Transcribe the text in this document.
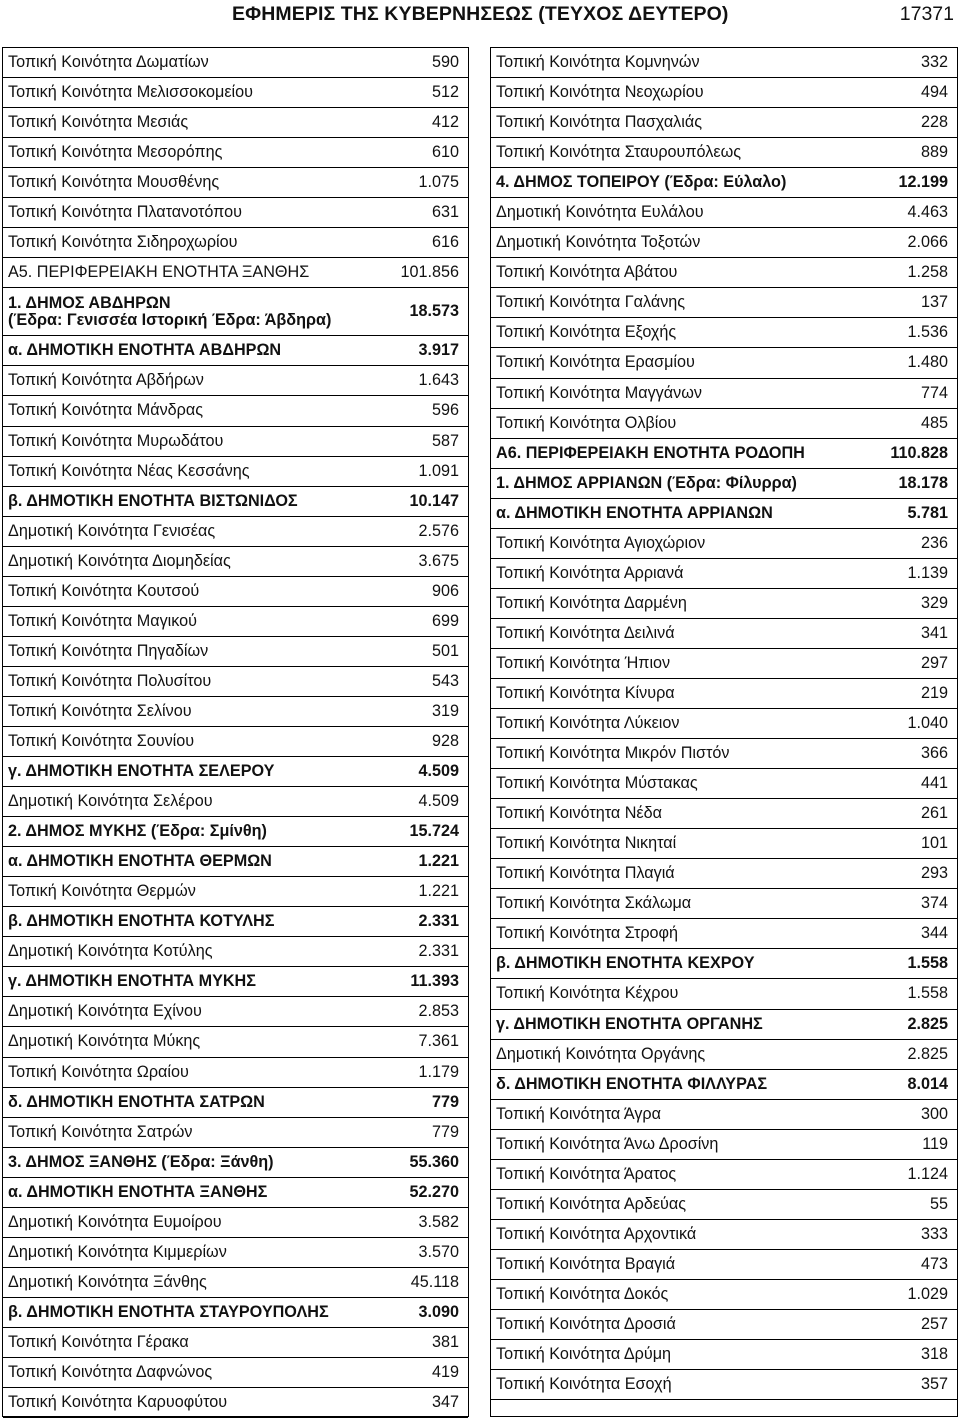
ΕΦΗΜΕΡΙΣ ΤΗΣ ΚΥΒΕΡΝΗΣΕΩΣ (ΤΕΥΧΟΣ ΔΕΥΤΕΡΟ)	17371
Τοπική Κοινότητα Δωματίων	590
Τοπική Κοινότητα Μελισσοκομείου	512
Τοπική Κοινότητα Μεσιάς	412
Τοπική Κοινότητα Μεσορόπης	610
Τοπική Κοινότητα Μουσθένης	1.075
Τοπική Κοινότητα Πλατανοτόπου	631
Τοπική Κοινότητα Σιδηροχωρίου	616
Α5. ΠΕΡΙΦΕΡΕΙΑΚΗ ΕΝΟΤΗΤΑ ΞΑΝΘΗΣ	101.856
1. ΔΗΜΟΣ ΑΒΔΗΡΩΝ
(Έδρα: Γενισσέα Ιστορική Έδρα: Άβδηρα)	18.573
α. ΔΗΜΟΤΙΚΗ ΕΝΟΤΗΤΑ ΑΒΔΗΡΩΝ	3.917
Τοπική Κοινότητα Αβδήρων	1.643
Τοπική Κοινότητα Μάνδρας	596
Τοπική Κοινότητα Μυρωδάτου	587
Τοπική Κοινότητα Νέας Κεσσάνης	1.091
β. ΔΗΜΟΤΙΚΗ ΕΝΟΤΗΤΑ ΒΙΣΤΩΝΙΔΟΣ	10.147
Δημοτική Κοινότητα Γενισέας	2.576
Δημοτική Κοινότητα Διομηδείας	3.675
Τοπική Κοινότητα Κουτσού	906
Τοπική Κοινότητα Μαγικού	699
Τοπική Κοινότητα Πηγαδίων	501
Τοπική Κοινότητα Πολυσίτου	543
Τοπική Κοινότητα Σελίνου	319
Τοπική Κοινότητα Σουνίου	928
γ. ΔΗΜΟΤΙΚΗ ΕΝΟΤΗΤΑ ΣΕΛΕΡΟΥ	4.509
Δημοτική Κοινότητα Σελέρου	4.509
2. ΔΗΜΟΣ ΜΥΚΗΣ (Έδρα: Σμίνθη)	15.724
α. ΔΗΜΟΤΙΚΗ ΕΝΟΤΗΤΑ ΘΕΡΜΩΝ	1.221
Τοπική Κοινότητα Θερμών	1.221
β. ΔΗΜΟΤΙΚΗ ΕΝΟΤΗΤΑ ΚΟΤΥΛΗΣ	2.331
Δημοτική Κοινότητα Κοτύλης	2.331
γ. ΔΗΜΟΤΙΚΗ ΕΝΟΤΗΤΑ ΜΥΚΗΣ	11.393
Δημοτική Κοινότητα Εχίνου	2.853
Δημοτική Κοινότητα Μύκης	7.361
Τοπική Κοινότητα Ωραίου	1.179
δ. ΔΗΜΟΤΙΚΗ ΕΝΟΤΗΤΑ ΣΑΤΡΩΝ	779
Τοπική Κοινότητα Σατρών	779
3. ΔΗΜΟΣ ΞΑΝΘΗΣ (Έδρα: Ξάνθη)	55.360
α. ΔΗΜΟΤΙΚΗ ΕΝΟΤΗΤΑ ΞΑΝΘΗΣ	52.270
Δημοτική Κοινότητα Ευμοίρου	3.582
Δημοτική Κοινότητα Κιμμερίων	3.570
Δημοτική Κοινότητα Ξάνθης	45.118
β. ΔΗΜΟΤΙΚΗ ΕΝΟΤΗΤΑ ΣΤΑΥΡΟΥΠΟΛΗΣ	3.090
Τοπική Κοινότητα Γέρακα	381
Τοπική Κοινότητα Δαφνώνος	419
Τοπική Κοινότητα Καρυοφύτου	347
Τοπική Κοινότητα Κομνηνών	332
Τοπική Κοινότητα Νεοχωρίου	494
Τοπική Κοινότητα Πασχαλιάς	228
Τοπική Κοινότητα Σταυρουπόλεως	889
4. ΔΗΜΟΣ ΤΟΠΕΙΡΟΥ (Έδρα: Εύλαλο)	12.199
Δημοτική Κοινότητα Ευλάλου	4.463
Δημοτική Κοινότητα Τοξοτών	2.066
Τοπική Κοινότητα Αβάτου	1.258
Τοπική Κοινότητα Γαλάνης	137
Τοπική Κοινότητα Εξοχής	1.536
Τοπική Κοινότητα Ερασμίου	1.480
Τοπική Κοινότητα Μαγγάνων	774
Τοπική Κοινότητα Ολβίου	485
Α6. ΠΕΡΙΦΕΡΕΙΑΚΗ ΕΝΟΤΗΤΑ ΡΟΔΟΠΗ	110.828
1. ΔΗΜΟΣ ΑΡΡΙΑΝΩΝ (Έδρα: Φίλυρρα)	18.178
α. ΔΗΜΟΤΙΚΗ ΕΝΟΤΗΤΑ ΑΡΡΙΑΝΩΝ	5.781
Τοπική Κοινότητα Αγιοχώριον	236
Τοπική Κοινότητα Αρριανά	1.139
Τοπική Κοινότητα Δαρμένη	329
Τοπική Κοινότητα Δειλινά	341
Τοπική Κοινότητα Ήπιον	297
Τοπική Κοινότητα Κίνυρα	219
Τοπική Κοινότητα Λύκειον	1.040
Τοπική Κοινότητα Μικρόν Πιστόν	366
Τοπική Κοινότητα Μύστακας	441
Τοπική Κοινότητα Νέδα	261
Τοπική Κοινότητα Νικηταί	101
Τοπική Κοινότητα Πλαγιά	293
Τοπική Κοινότητα Σκάλωμα	374
Τοπική Κοινότητα Στροφή	344
β. ΔΗΜΟΤΙΚΗ ΕΝΟΤΗΤΑ ΚΕΧΡΟΥ	1.558
Τοπική Κοινότητα Κέχρου	1.558
γ. ΔΗΜΟΤΙΚΗ ΕΝΟΤΗΤΑ ΟΡΓΑΝΗΣ	2.825
Δημοτική Κοινότητα Οργάνης	2.825
δ. ΔΗΜΟΤΙΚΗ ΕΝΟΤΗΤΑ ΦΙΛΛΥΡΑΣ	8.014
Τοπική Κοινότητα Άγρα	300
Τοπική Κοινότητα Άνω Δροσίνη	119
Τοπική Κοινότητα Άρατος	1.124
Τοπική Κοινότητα Αρδεύας	55
Τοπική Κοινότητα Αρχοντικά	333
Τοπική Κοινότητα Βραγιά	473
Τοπική Κοινότητα Δοκός	1.029
Τοπική Κοινότητα Δροσιά	257
Τοπική Κοινότητα Δρύμη	318
Τοπική Κοινότητα Εσοχή	357
